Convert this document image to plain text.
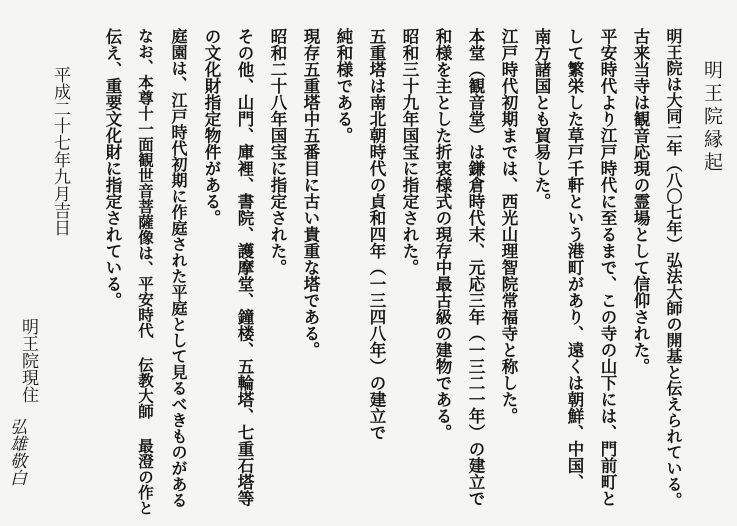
明王院縁起
明王院は大同二年（八〇七年）弘法大師の開基と伝えられている。
古来当寺は観音応現の霊場として信仰された。
平安時代より江戸時代に至るまで、この寺の山下には、門前町と
して繁栄した草戸千軒という港町があり、遠くは朝鮮、中国、
南方諸国とも貿易した。
江戸時代初期までは、西光山理智院常福寺と称した。
本堂（観音堂）は鎌倉時代末、元応三年（一三二一年）の建立で
和様を主とした折衷様式の現存中最古級の建物である。
昭和三十九年国宝に指定された。
五重塔は南北朝時代の貞和四年（一三四八年）の建立で
純和様である。
現存五重塔中五番目に古い貴重な塔である。
昭和二十八年国宝に指定された。
その他、山門、庫裡、書院、護摩堂、鐘楼、五輪塔、七重石塔等
の文化財指定物件がある。
庭園は、江戸時代初期に作庭された平庭として見るべきものがある
なお、本尊十一面観世音菩薩像は、平安時代 伝教大師 最澄の作と
伝え、重要文化財に指定されている。
平成二十七年九月吉日
明王院現住
弘雄敬白
